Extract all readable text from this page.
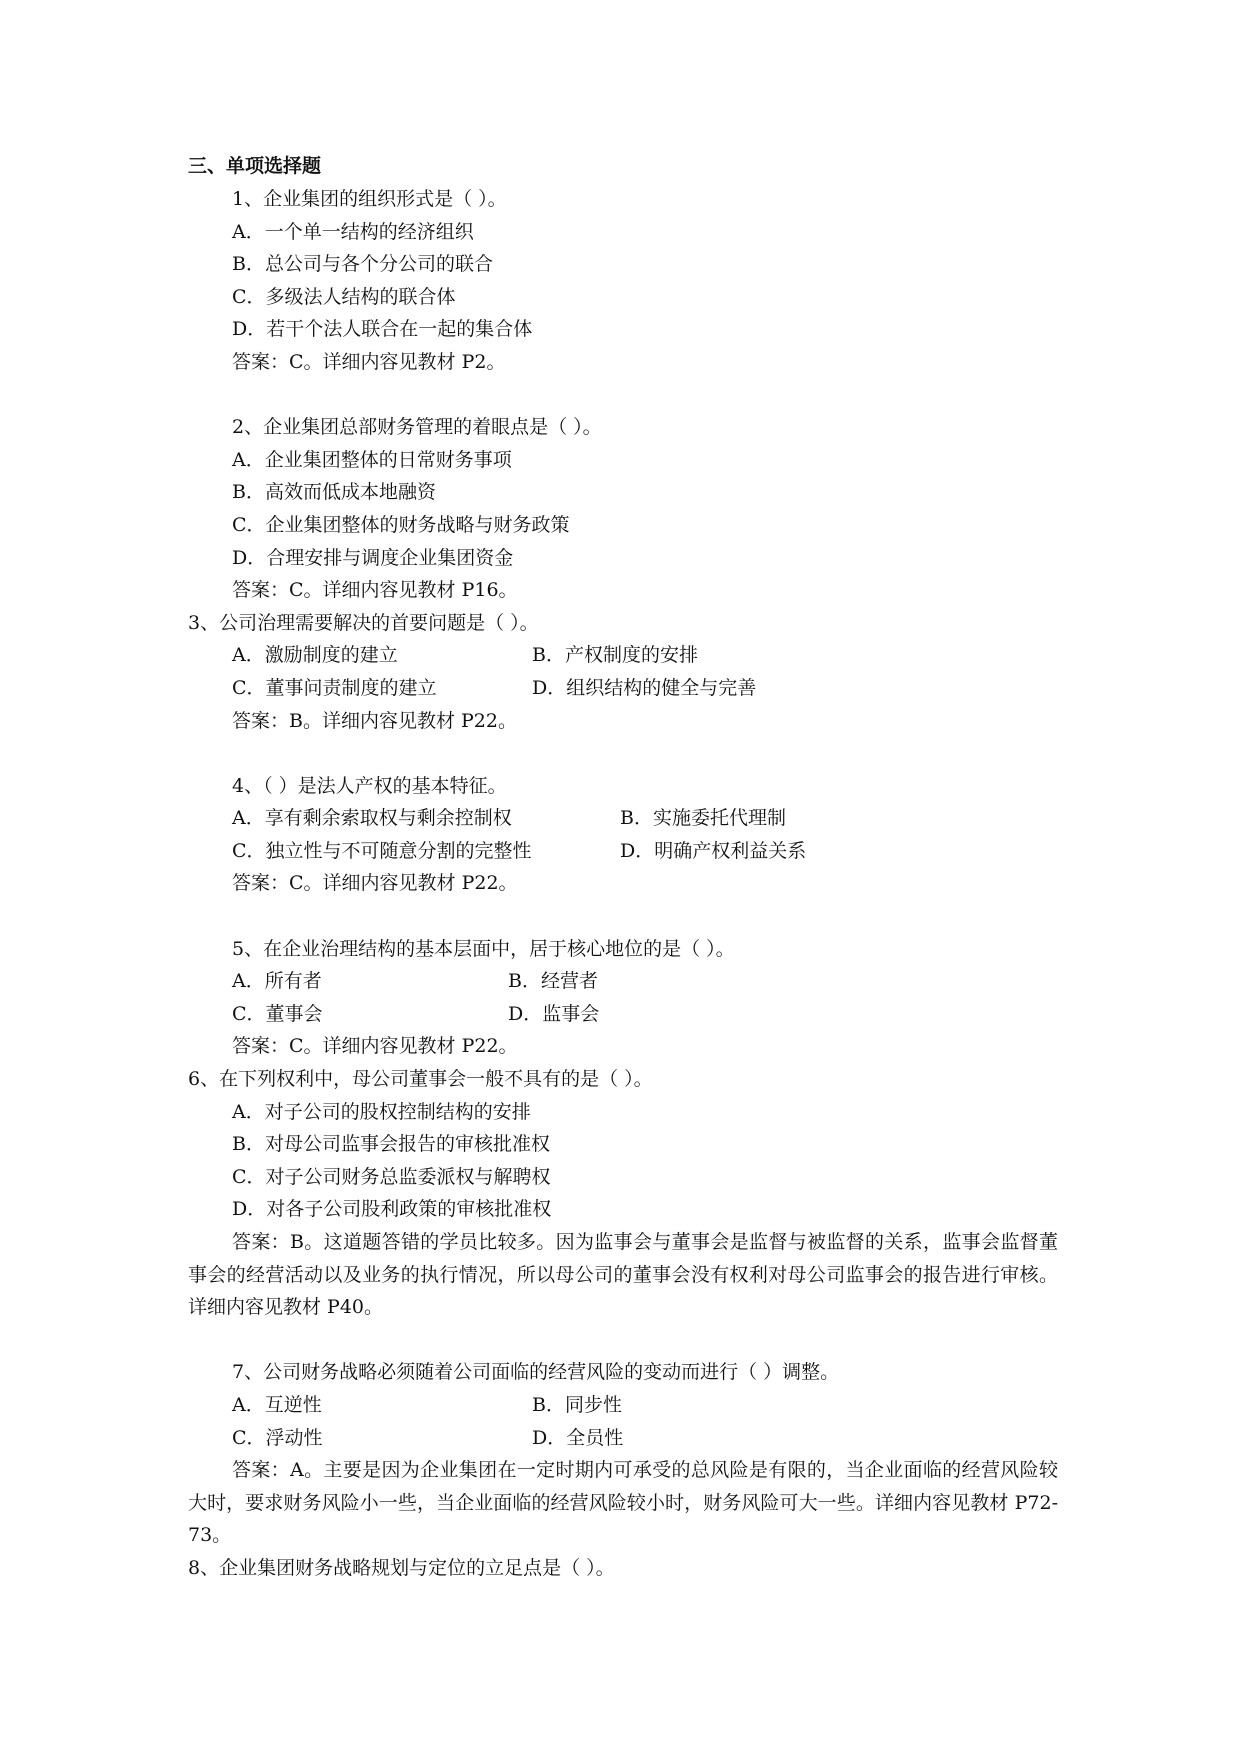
三、单项选择题
1、企业集团的组织形式是（ ）。
A．一个单一结构的经济组织
B．总公司与各个分公司的联合
C．多级法人结构的联合体
D．若干个法人联合在一起的集合体
答案：C。详细内容见教材 P2。
2、企业集团总部财务管理的着眼点是（ ）。
A．企业集团整体的日常财务事项
B．高效而低成本地融资
C．企业集团整体的财务战略与财务政策
D．合理安排与调度企业集团资金
答案：C。详细内容见教材 P16。
3、公司治理需要解决的首要问题是（ ）。
A．激励制度的建立	B．产权制度的安排
C．董事问责制度的建立	D．组织结构的健全与完善
答案：B。详细内容见教材 P22。
4、（ ）是法人产权的基本特征。
A．享有剩余索取权与剩余控制权	B．实施委托代理制
C．独立性与不可随意分割的完整性	D．明确产权利益关系
答案：C。详细内容见教材 P22。
5、在企业治理结构的基本层面中，居于核心地位的是（ ）。
A．所有者	B．经营者
C．董事会	D．监事会
答案：C。详细内容见教材 P22。
6、在下列权利中，母公司董事会一般不具有的是（ ）。
A．对子公司的股权控制结构的安排
B．对母公司监事会报告的审核批准权
C．对子公司财务总监委派权与解聘权
D．对各子公司股利政策的审核批准权
答案：B。这道题答错的学员比较多。因为监事会与董事会是监督与被监督的关系，监事会监督董事会的经营活动以及业务的执行情况，所以母公司的董事会没有权利对母公司监事会的报告进行审核。详细内容见教材 P40。
7、公司财务战略必须随着公司面临的经营风险的变动而进行（ ）调整。
A．互逆性	B．同步性
C．浮动性	D．全员性
答案：A。主要是因为企业集团在一定时期内可承受的总风险是有限的，当企业面临的经营风险较大时，要求财务风险小一些，当企业面临的经营风险较小时，财务风险可大一些。详细内容见教材 P72-73。
8、企业集团财务战略规划与定位的立足点是（ ）。
